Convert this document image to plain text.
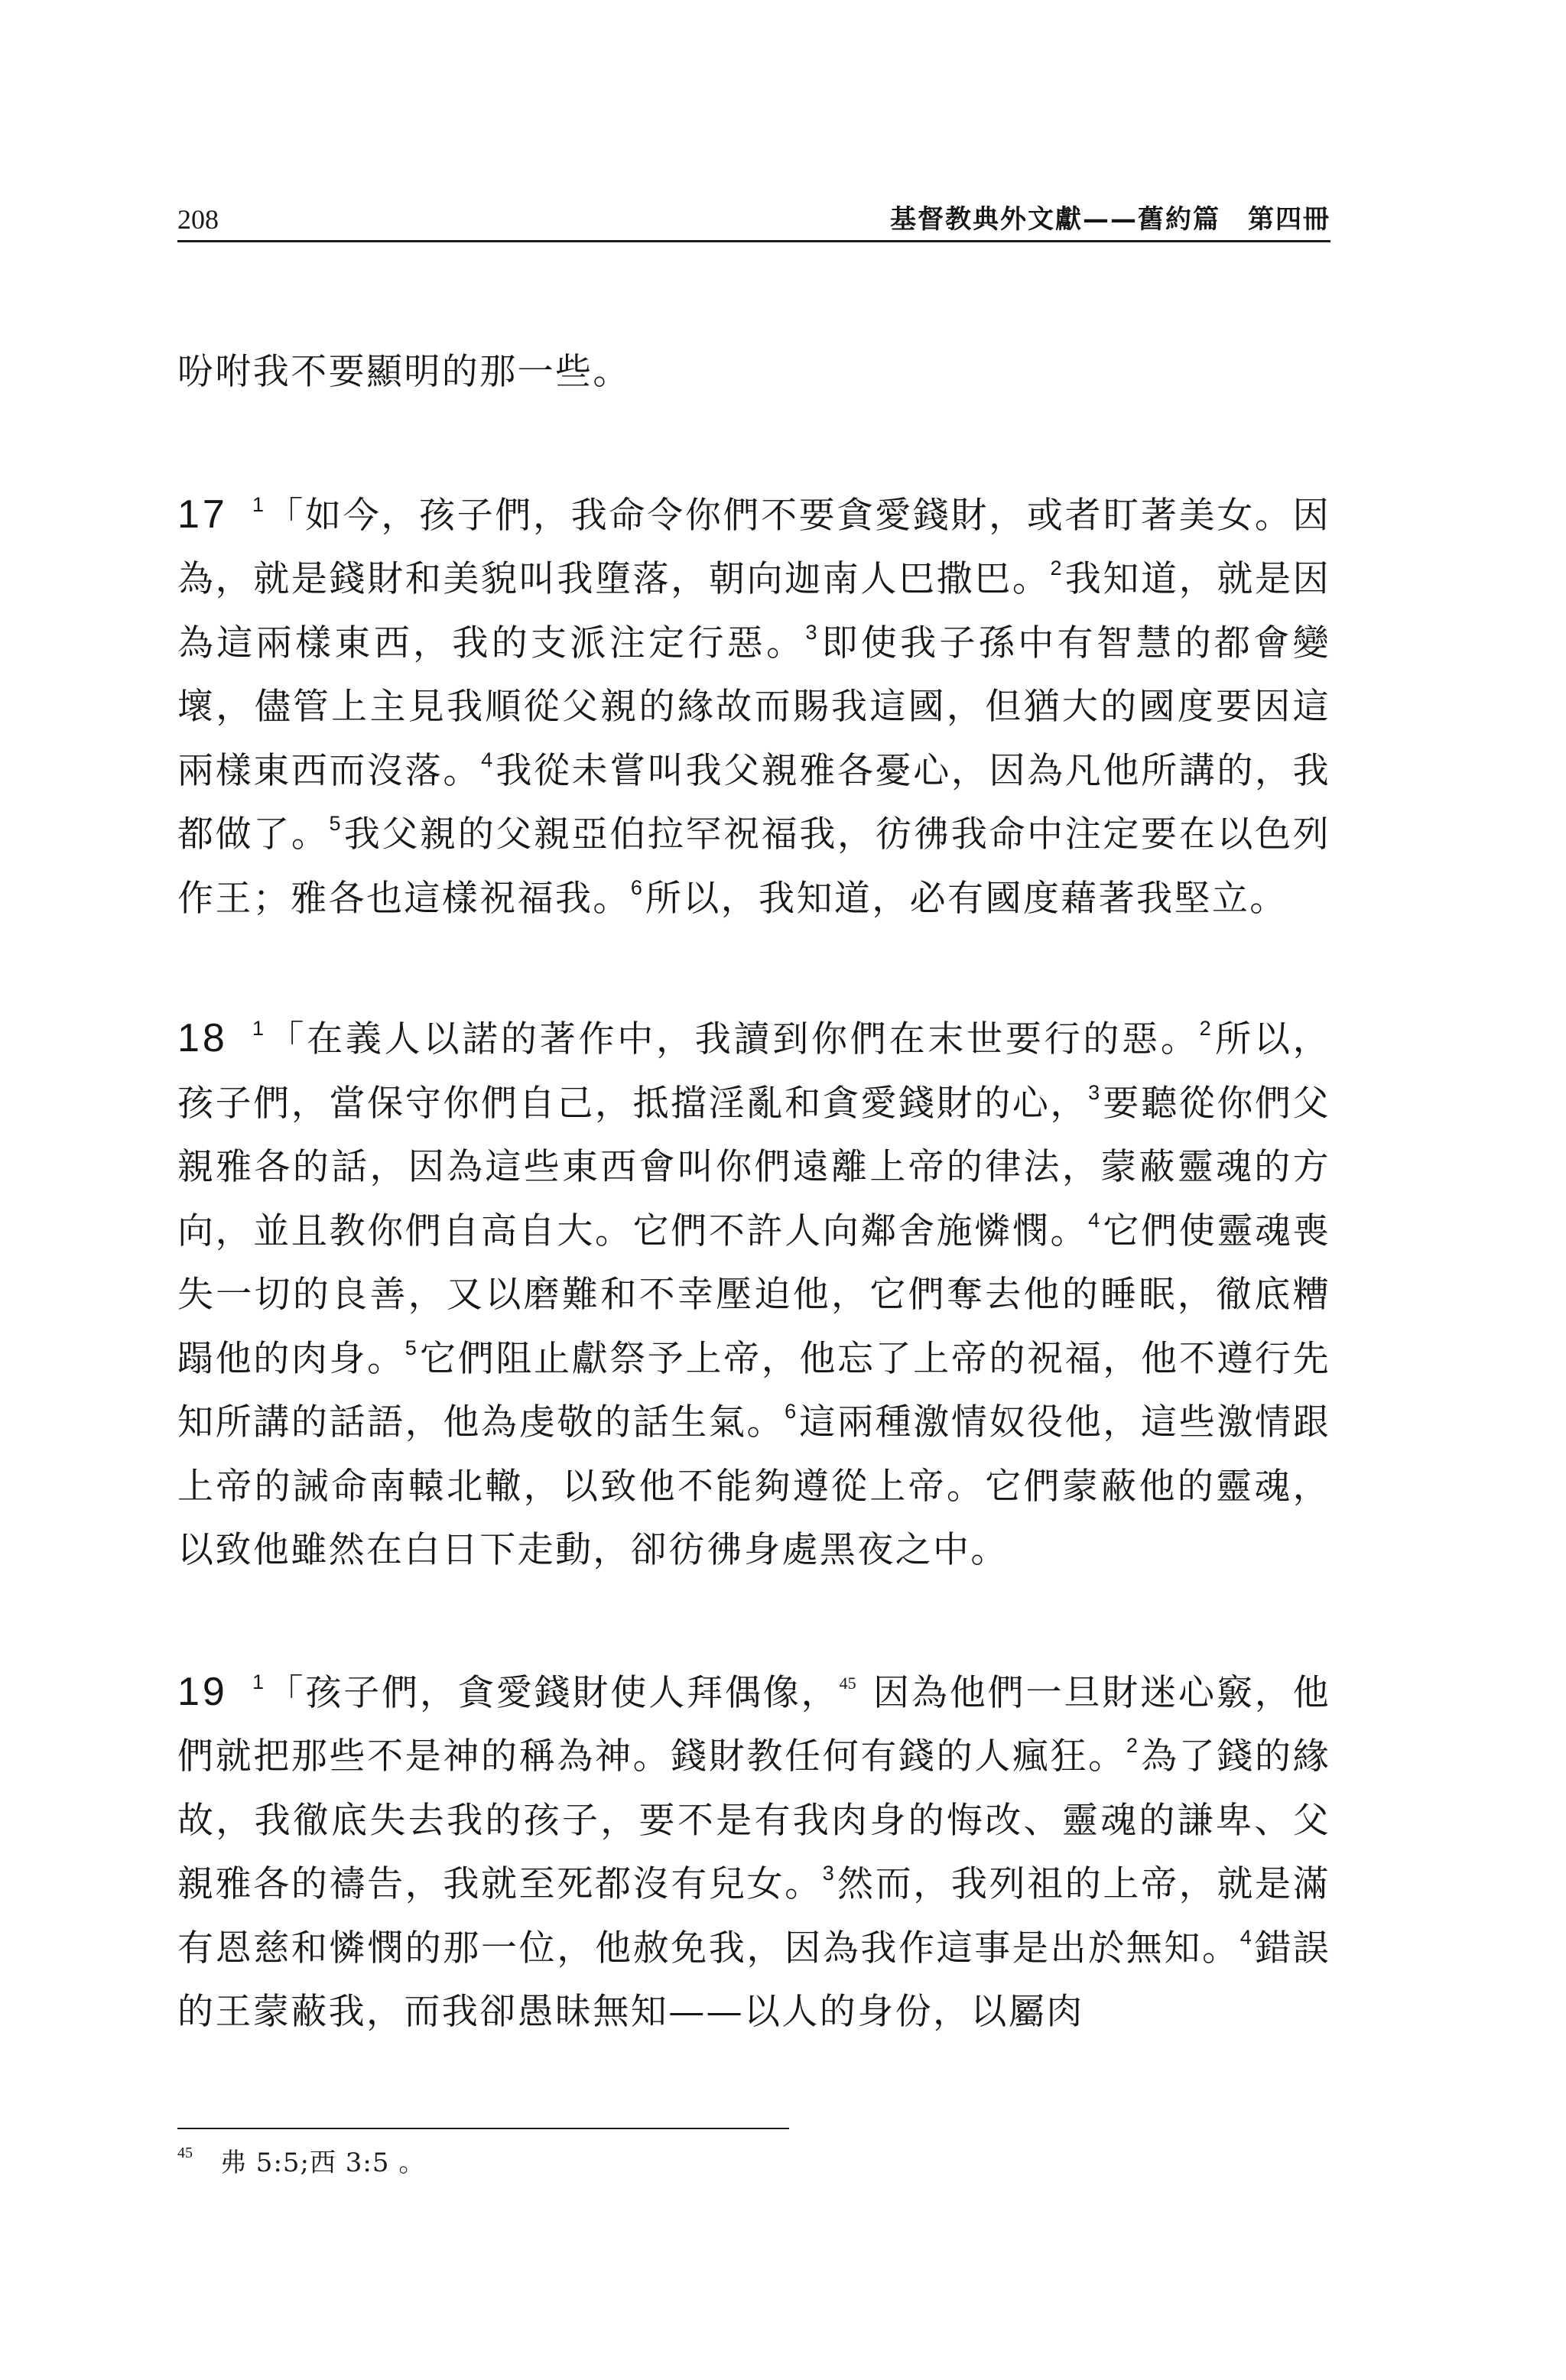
208	基督教典外文獻——舊約篇　第四冊

吩咐我不要顯明的那一些。

17 $^1$「如今，孩子們，我命令你們不要貪愛錢財，或者盯著美女。因為，就是錢財和美貌叫我墮落，朝向迦南人巴撒巴。$^2$我知道，就是因為這兩樣東西，我的支派注定行惡。$^3$即使我子孫中有智慧的都會變壞，儘管上主見我順從父親的緣故而賜我這國，但猶大的國度要因這兩樣東西而沒落。$^4$我從未嘗叫我父親雅各憂心，因為凡他所講的，我都做了。$^5$我父親的父親亞伯拉罕祝福我，彷彿我命中注定要在以色列作王；雅各也這樣祝福我。$^6$所以，我知道，必有國度藉著我堅立。

18 $^1$「在義人以諾的著作中，我讀到你們在末世要行的惡。$^2$所以，孩子們，當保守你們自己，抵擋淫亂和貪愛錢財的心，$^3$要聽從你們父親雅各的話，因為這些東西會叫你們遠離上帝的律法，蒙蔽靈魂的方向，並且教你們自高自大。它們不許人向鄰舍施憐憫。$^4$它們使靈魂喪失一切的良善，又以磨難和不幸壓迫他，它們奪去他的睡眠，徹底糟蹋他的肉身。$^5$它們阻止獻祭予上帝，他忘了上帝的祝福，他不遵行先知所講的話語，他為虔敬的話生氣。$^6$這兩種激情奴役他，這些激情跟上帝的誡命南轅北轍，以致他不能夠遵從上帝。它們蒙蔽他的靈魂，以致他雖然在白日下走動，卻彷彿身處黑夜之中。

19 $^1$「孩子們，貪愛錢財使人拜偶像，$^{45}$ 因為他們一旦財迷心竅，他們就把那些不是神的稱為神。錢財教任何有錢的人瘋狂。$^2$為了錢的緣故，我徹底失去我的孩子，要不是有我肉身的悔改、靈魂的謙卑、父親雅各的禱告，我就至死都沒有兒女。$^3$然而，我列祖的上帝，就是滿有恩慈和憐憫的那一位，他赦免我，因為我作這事是出於無知。$^4$錯誤的王蒙蔽我，而我卻愚昧無知——以人的身份，以屬肉

$^{45}$ 弗 5:5;西 3:5 。
